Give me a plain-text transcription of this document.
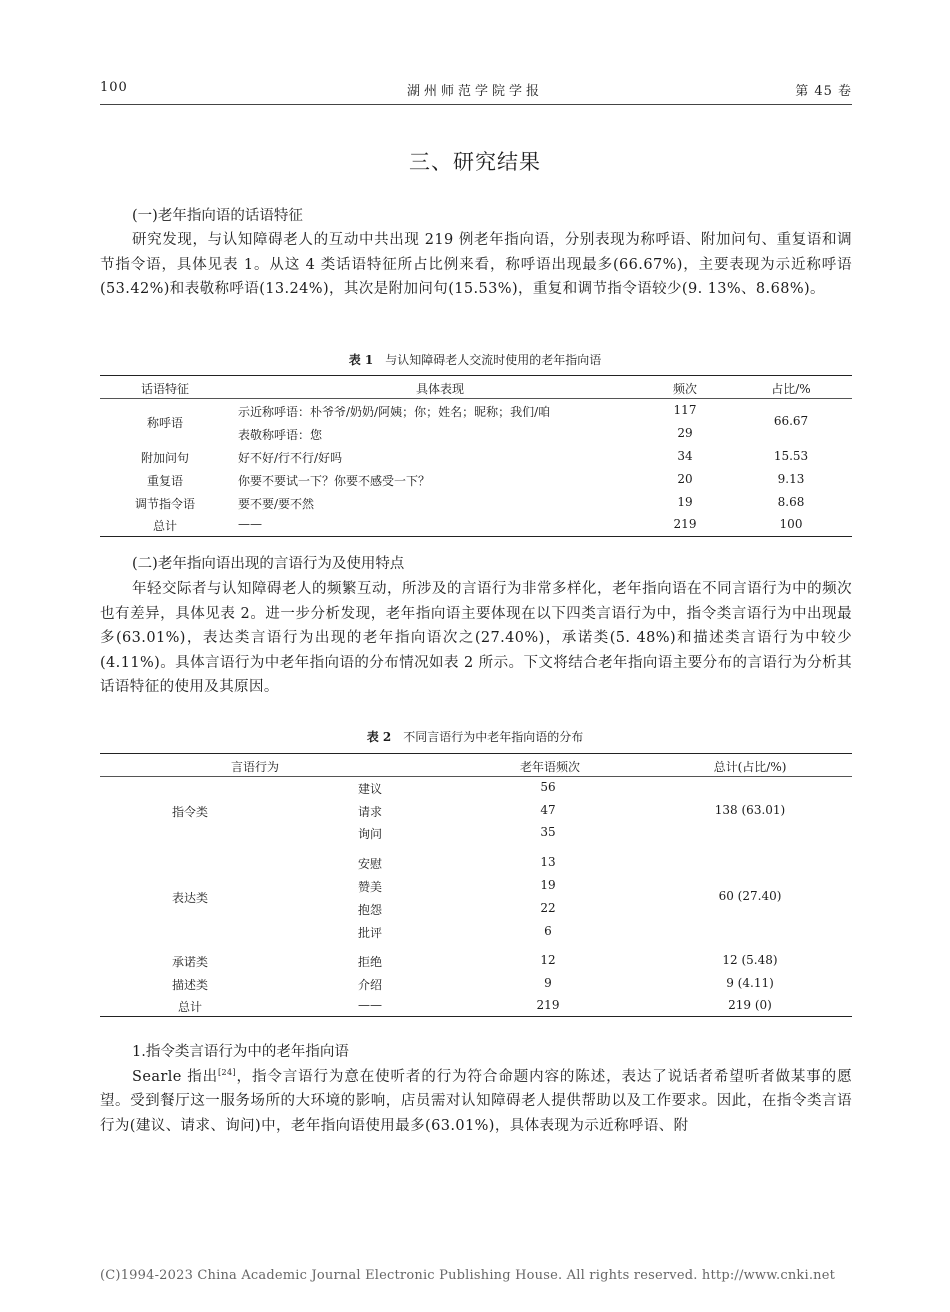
100	湖州师范学院学报	第 45 卷
三、研究结果
(一)老年指向语的话语特征

研究发现，与认知障碍老人的互动中共出现 219 例老年指向语，分别表现为称呼语、附加问句、重复语和调节指令语，具体见表 1。从这 4 类话语特征所占比例来看，称呼语出现最多(66.67%)，主要表现为示近称呼语(53.42%)和表敬称呼语(13.24%)，其次是附加问句(15.53%)，重复和调节指令语较少(9. 13%、8.68%)。

表 1 与认知障碍老人交流时使用的老年指向语
话语特征	具体表现	频次	占比/%
称呼语
示近称呼语：朴爷爷/奶奶/阿姨；你；姓名；昵称；我们/咱	117
表敬称呼语：您	29
66.67
附加问句	好不好/行不行/好吗	34	15.53
重复语	你要不要试一下？你要不感受一下？	20	9.13
调节指令语	要不要/要不然	19	8.68
总计	——	219	100
(二)老年指向语出现的言语行为及使用特点

年轻交际者与认知障碍老人的频繁互动，所涉及的言语行为非常多样化，老年指向语在不同言语行为中的频次也有差异，具体见表 2。进一步分析发现，老年指向语主要体现在以下四类言语行为中，指令类言语行为中出现最多(63.01%)，表达类言语行为出现的老年指向语次之(27.40%)，承诺类(5. 48%)和描述类言语行为中较少(4.11%)。具体言语行为中老年指向语的分布情况如表 2 所示。下文将结合老年指向语主要分布的言语行为分析其话语特征的使用及其原因。

表 2 不同言语行为中老年指向语的分布
言语行为	老年语频次	总计(占比/%)
指令类
建议	56
请求	47
询问	35
138 (63.01)
表达类
安慰	13
赞美	19
抱怨	22
批评	6
60 (27.40)
承诺类	拒绝	12	12 (5.48)
描述类	介绍	9	9 (4.11)
总计	——	219	219 (0)
1.指令类言语行为中的老年指向语

Searle 指出[24]，指令言语行为意在使听者的行为符合命题内容的陈述，表达了说话者希望听者做某事的愿望。受到餐厅这一服务场所的大环境的影响，店员需对认知障碍老人提供帮助以及工作要求。因此，在指令类言语行为(建议、请求、询问)中，老年指向语使用最多(63.01%)，具体表现为示近称呼语、附

(C)1994-2023 China Academic Journal Electronic Publishing House. All rights reserved. http://www.cnki.net
